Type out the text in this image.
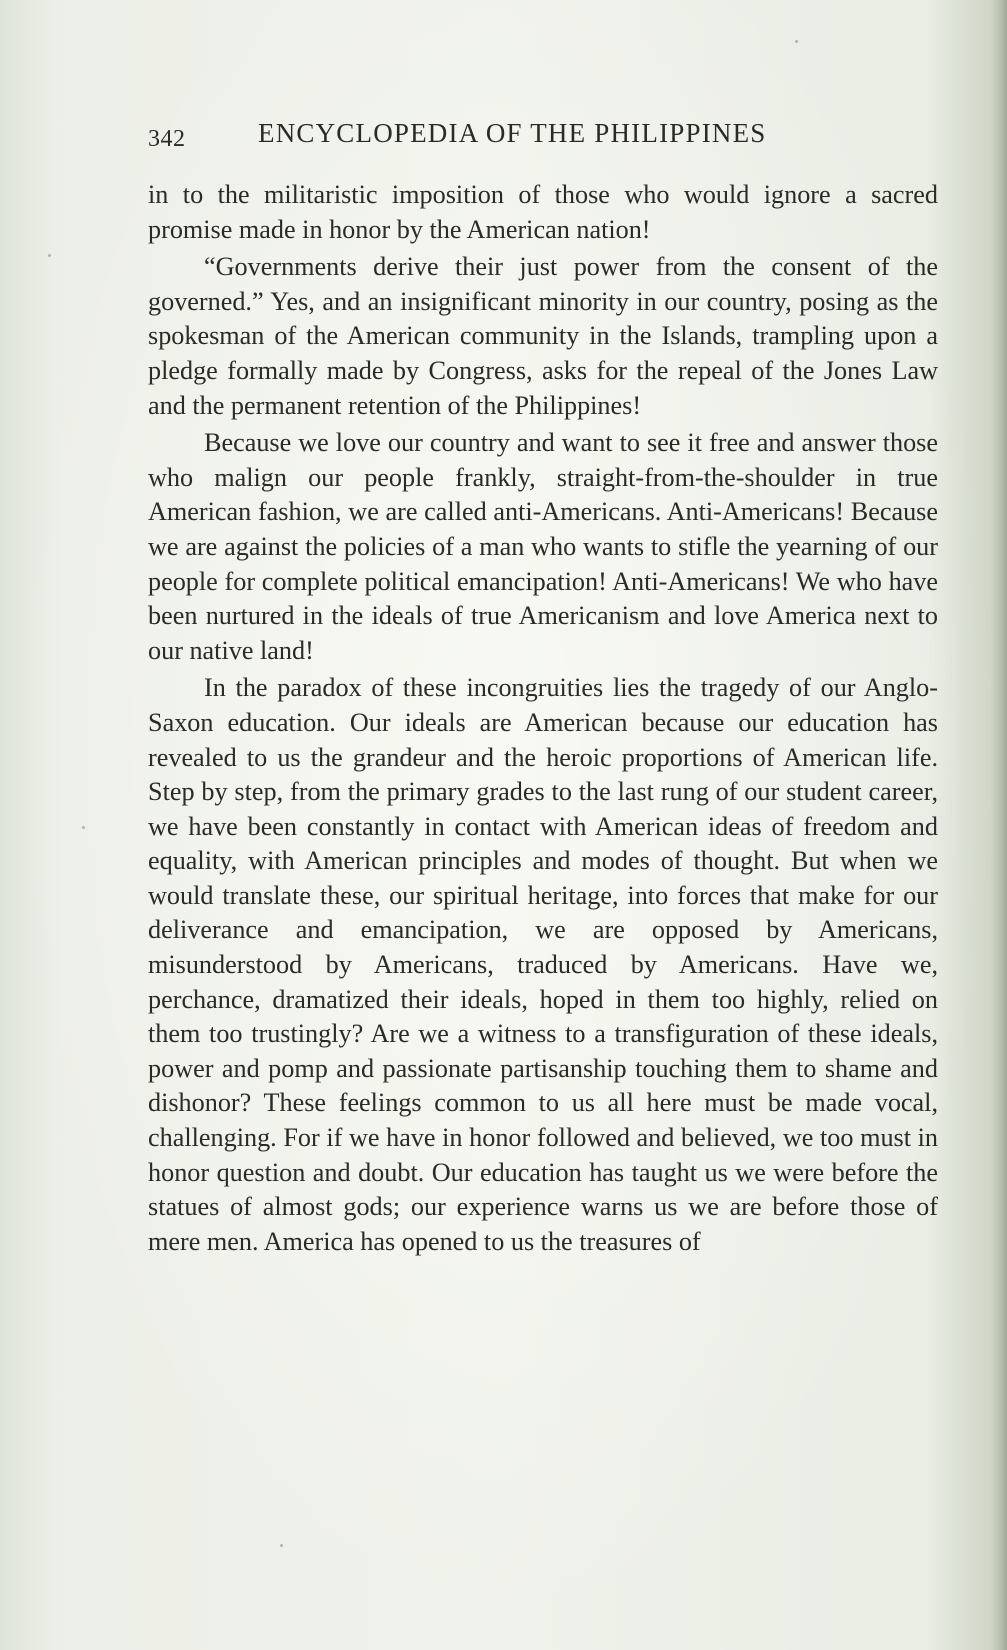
342	ENCYCLOPEDIA OF THE PHILIPPINES

in to the militaristic imposition of those who would ignore a sacred promise made in honor by the American nation!

“Governments derive their just power from the consent of the governed.” Yes, and an insignificant minority in our country, posing as the spokesman of the American community in the Islands, trampling upon a pledge formally made by Congress, asks for the repeal of the Jones Law and the permanent retention of the Philippines!

Because we love our country and want to see it free and answer those who malign our people frankly, straight-from-the-shoulder in true American fashion, we are called anti-Americans. Anti-Americans! Because we are against the policies of a man who wants to stifle the yearning of our people for complete political emancipation! Anti-Americans! We who have been nurtured in the ideals of true Americanism and love America next to our native land!

In the paradox of these incongruities lies the tragedy of our Anglo-Saxon education. Our ideals are American because our education has revealed to us the grandeur and the heroic proportions of American life. Step by step, from the primary grades to the last rung of our student career, we have been constantly in contact with American ideas of freedom and equality, with American principles and modes of thought. But when we would translate these, our spiritual heritage, into forces that make for our deliverance and emancipation, we are opposed by Americans, misunderstood by Americans, traduced by Americans. Have we, perchance, dramatized their ideals, hoped in them too highly, relied on them too trustingly? Are we a witness to a transfiguration of these ideals, power and pomp and passionate partisanship touching them to shame and dishonor? These feelings common to us all here must be made vocal, challenging. For if we have in honor followed and believed, we too must in honor question and doubt. Our education has taught us we were before the statues of almost gods; our experience warns us we are before those of mere men. America has opened to us the treasures of
